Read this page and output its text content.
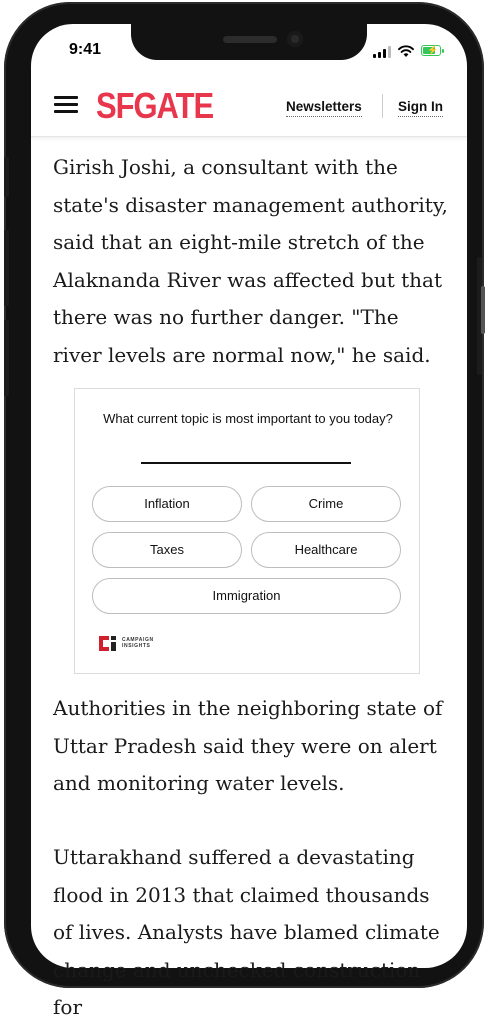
9:41	⚡
SFGATE	Newsletters	Sign In

Girish Joshi, a consultant with the state's disaster management authority, said that an eight-mile stretch of the Alaknanda River was affected but that there was no further danger. "The river levels are normal now," he said.

What current topic is most important to you today?
Inflation	Crime
Taxes	Healthcare
Immigration
CAMPAIGN
INSIGHTS

Authorities in the neighboring state of Uttar Pradesh said they were on alert and monitoring water levels.

Uttarakhand suffered a devastating flood in 2013 that claimed thousands of lives. Analysts have blamed climate change and unchecked construction for
